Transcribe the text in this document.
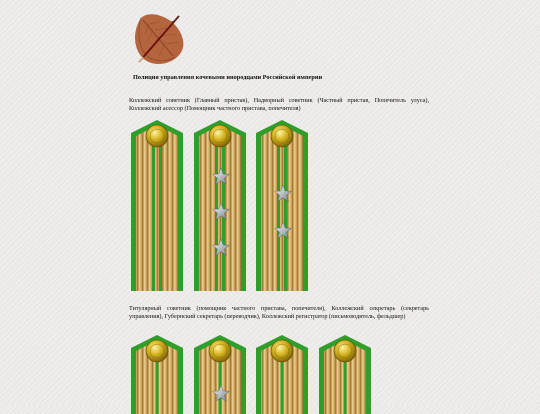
Полиция управления кочевыми инородцами Российской империи
Коллежский советник (Главный пристав), Надворный советник (Частный пристав, Попечитель улуса), Коллежский асессор (Помощник частного пристава, попечителя)
Титулярный советник (помощник частного пристава, попечителя), Коллежский секретарь (секретарь управления), Губернский секретарь (переводчик), Коллежский регистратор (письмоводитель, фельдшер)
